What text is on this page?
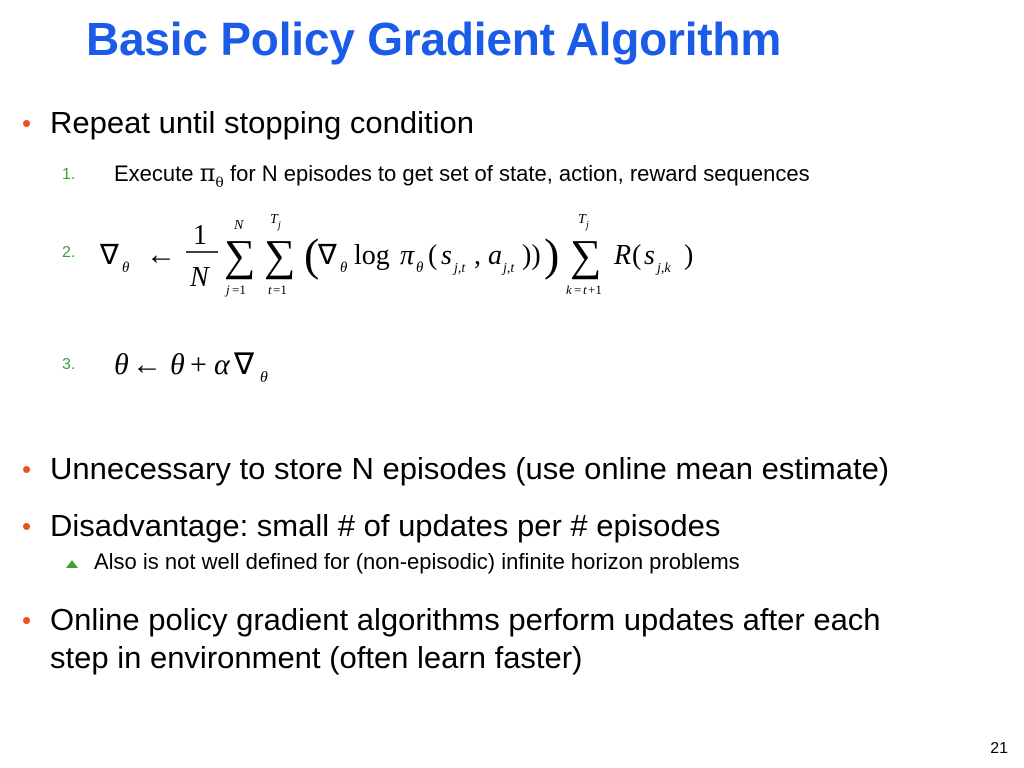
Basic Policy Gradient Algorithm
• Repeat until stopping condition
1. Execute $\pi_\theta$ for N episodes to get set of state, action, reward sequences
2. ∇ θ ←
1
N
N
∑
j =1
T j
∑
t =1
(
∇ θ log π θ ( s j,t , a j,t )) )
T j
∑
k = t +1
R ( s j,k )
3. θ ← θ + α ∇ θ
• Unnecessary to store N episodes (use online mean estimate)
• Disadvantage: small # of updates per # episodes
Also is not well defined for (non-episodic) infinite horizon problems
• Online policy gradient algorithms perform updates after each
step in environment (often learn faster)
21
